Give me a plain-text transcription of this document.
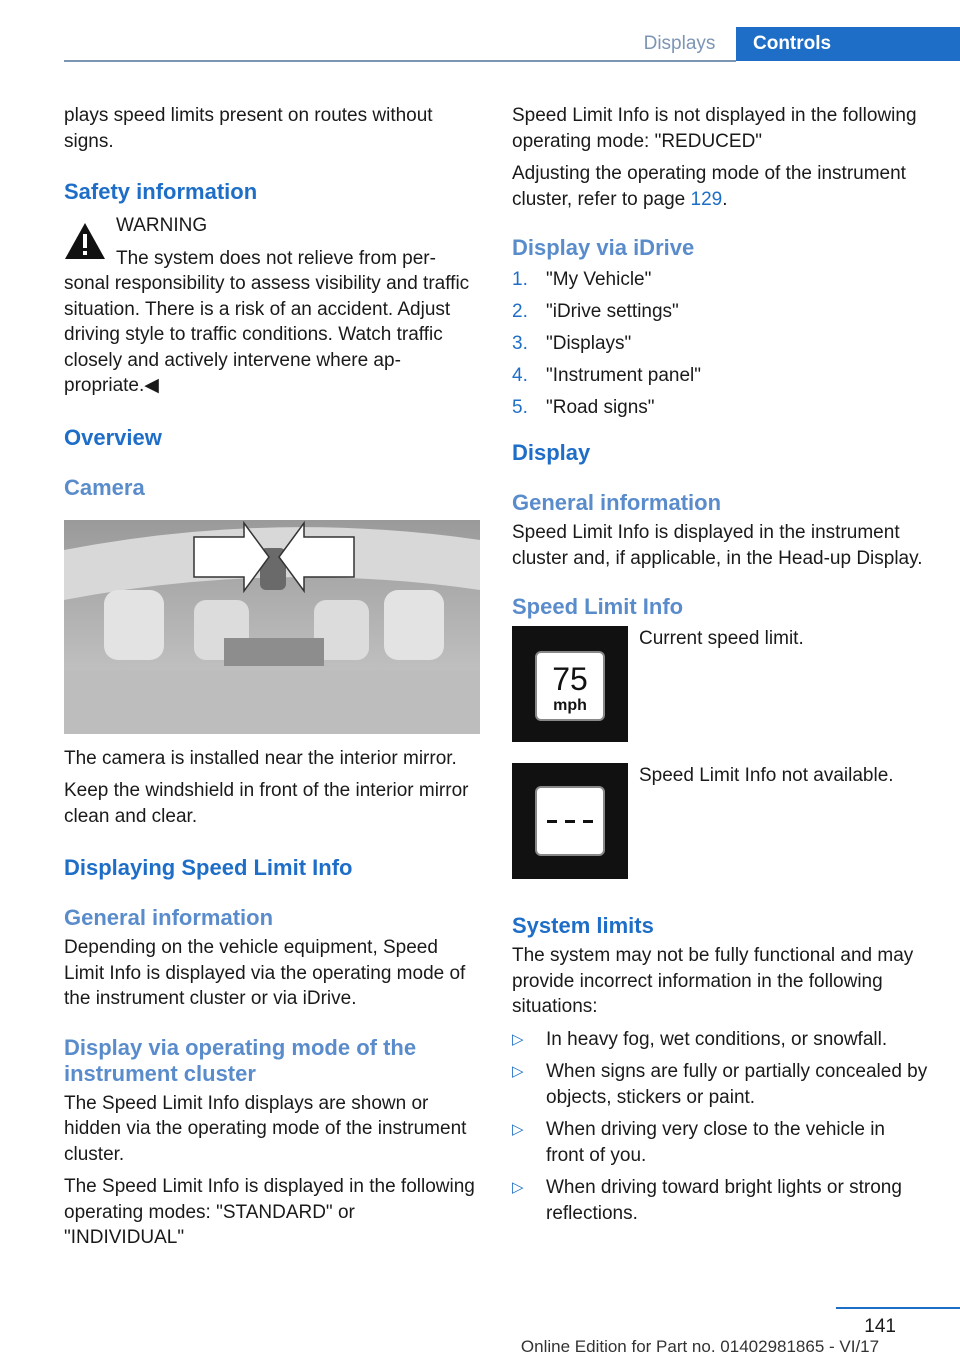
Displays	Controls

plays speed limits present on routes without signs.

Safety information
WARNING
The system does not relieve from per-

sonal responsibility to assess visibility and traffic situation. There is a risk of an accident. Adjust driving style to traffic conditions. Watch traffic closely and actively intervene where appropriate.◀

Overview
Camera

The camera is installed near the interior mirror.

Keep the windshield in front of the interior mirror clean and clear.

Displaying Speed Limit Info
General information

Depending on the vehicle equipment, Speed Limit Info is displayed via the operating mode of the instrument cluster or via iDrive.

Display via operating mode of the instrument cluster

The Speed Limit Info displays are shown or hidden via the operating mode of the instrument cluster.

The Speed Limit Info is displayed in the following operating modes: "STANDARD" or "INDIVIDUAL"

Speed Limit Info is not displayed in the following operating mode: "REDUCED"

Adjusting the operating mode of the instrument cluster, refer to page 129.

Display via iDrive
1. "My Vehicle"
2. "iDrive settings"
3. "Displays"
4. "Instrument panel"
5. "Road signs"
Display
General information

Speed Limit Info is displayed in the instrument cluster and, if applicable, in the Head-up Display.

Speed Limit Info
75
mph
Current speed limit.
Speed Limit Info not available.
System limits

The system may not be fully functional and may provide incorrect information in the following situations:

▷ In heavy fog, wet conditions, or snowfall.
▷ When signs are fully or partially concealed by objects, stickers or paint.
▷ When driving very close to the vehicle in front of you.
▷ When driving toward bright lights or strong reflections.
141
Online Edition for Part no. 01402981865 - VI/17
